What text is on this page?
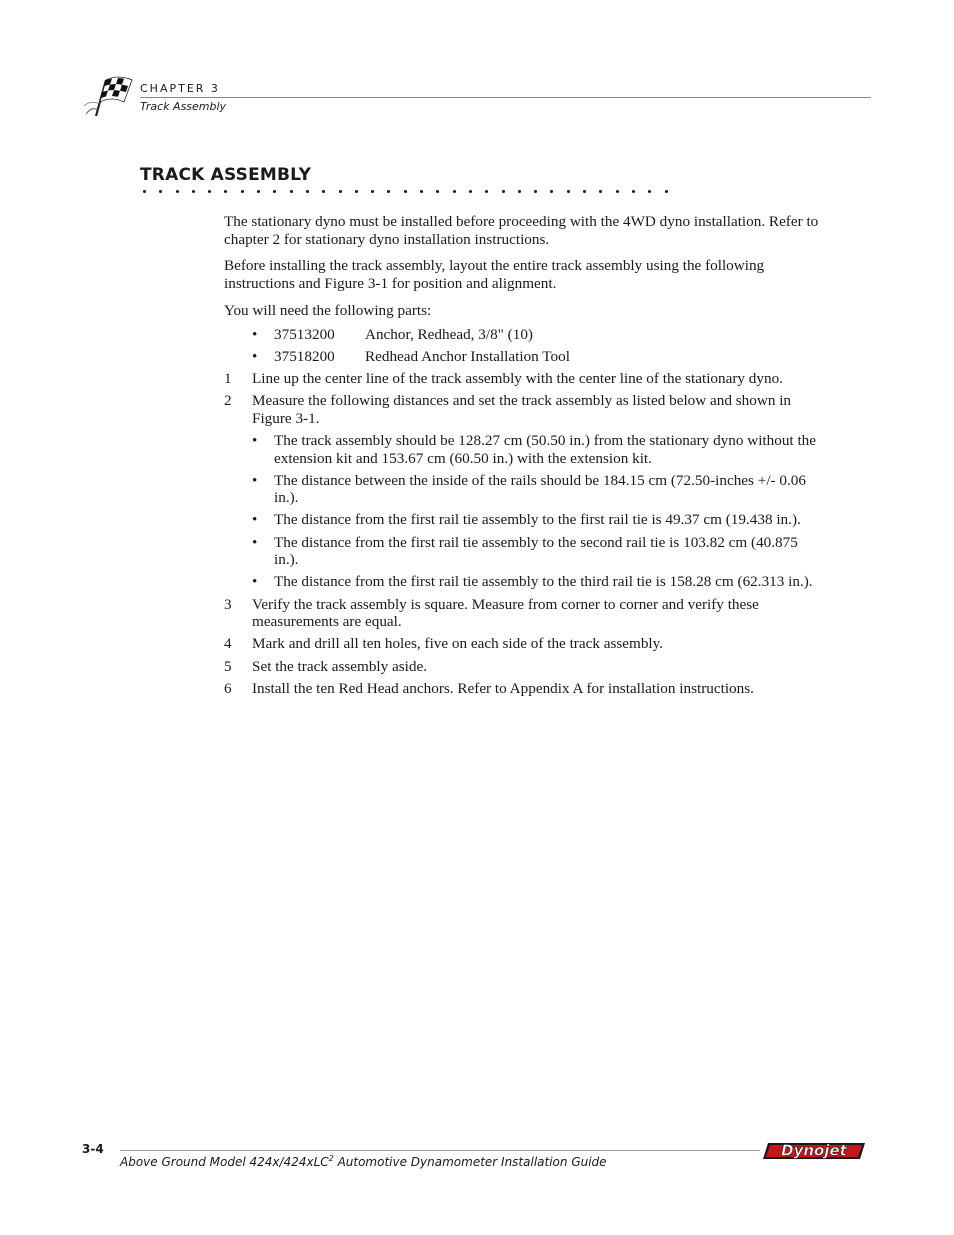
CHAPTER 3
Track Assembly
TRACK ASSEMBLY

The stationary dyno must be installed before proceeding with the 4WD dyno installation. Refer to chapter 2 for stationary dyno installation instructions.

Before installing the track assembly, layout the entire track assembly using the following instructions and Figure 3-1 for position and alignment.

You will need the following parts:

•	37513200 Anchor, Redhead, 3/8" (10)
•	37518200 Redhead Anchor Installation Tool
1	Line up the center line of the track assembly with the center line of the stationary dyno.
2	Measure the following distances and set the track assembly as listed below and shown in Figure 3-1.
•	The track assembly should be 128.27 cm (50.50 in.) from the stationary dyno without the extension kit and 153.67 cm (60.50 in.) with the extension kit.
•	The distance between the inside of the rails should be 184.15 cm (72.50-inches +/- 0.06 in.).
•	The distance from the first rail tie assembly to the first rail tie is 49.37 cm (19.438 in.).
•	The distance from the first rail tie assembly to the second rail tie is 103.82 cm (40.875 in.).
•	The distance from the first rail tie assembly to the third rail tie is 158.28 cm (62.313 in.).
3	Verify the track assembly is square. Measure from corner to corner and verify these measurements are equal.
4	Mark and drill all ten holes, five on each side of the track assembly.
5	Set the track assembly aside.
6	Install the ten Red Head anchors. Refer to Appendix A for installation instructions.
3-4
Above Ground Model 424x/424xLC$^2$ Automotive Dynamometer Installation Guide
Dynojet
